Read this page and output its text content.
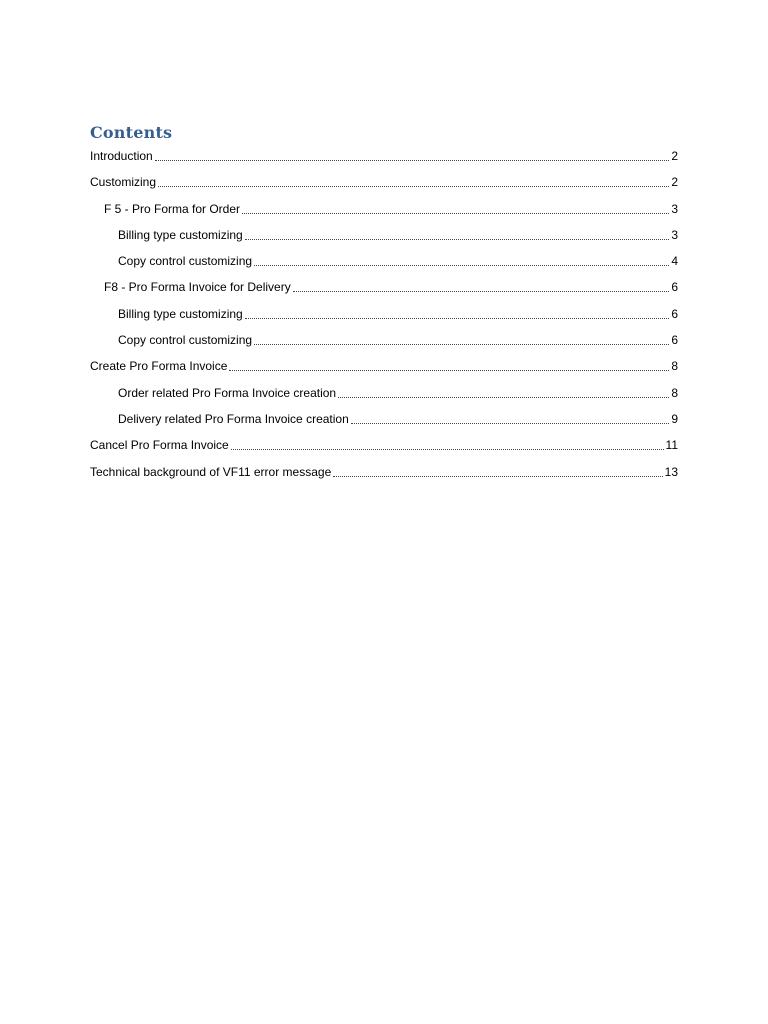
Contents
Introduction	2
Customizing	2
F 5 - Pro Forma for Order	3
Billing type customizing	3
Copy control customizing	4
F8 - Pro Forma Invoice for Delivery	6
Billing type customizing	6
Copy control customizing	6
Create Pro Forma Invoice	8
Order related Pro Forma Invoice creation	8
Delivery related Pro Forma Invoice creation	9
Cancel Pro Forma Invoice	11
Technical background of VF11 error message	13
